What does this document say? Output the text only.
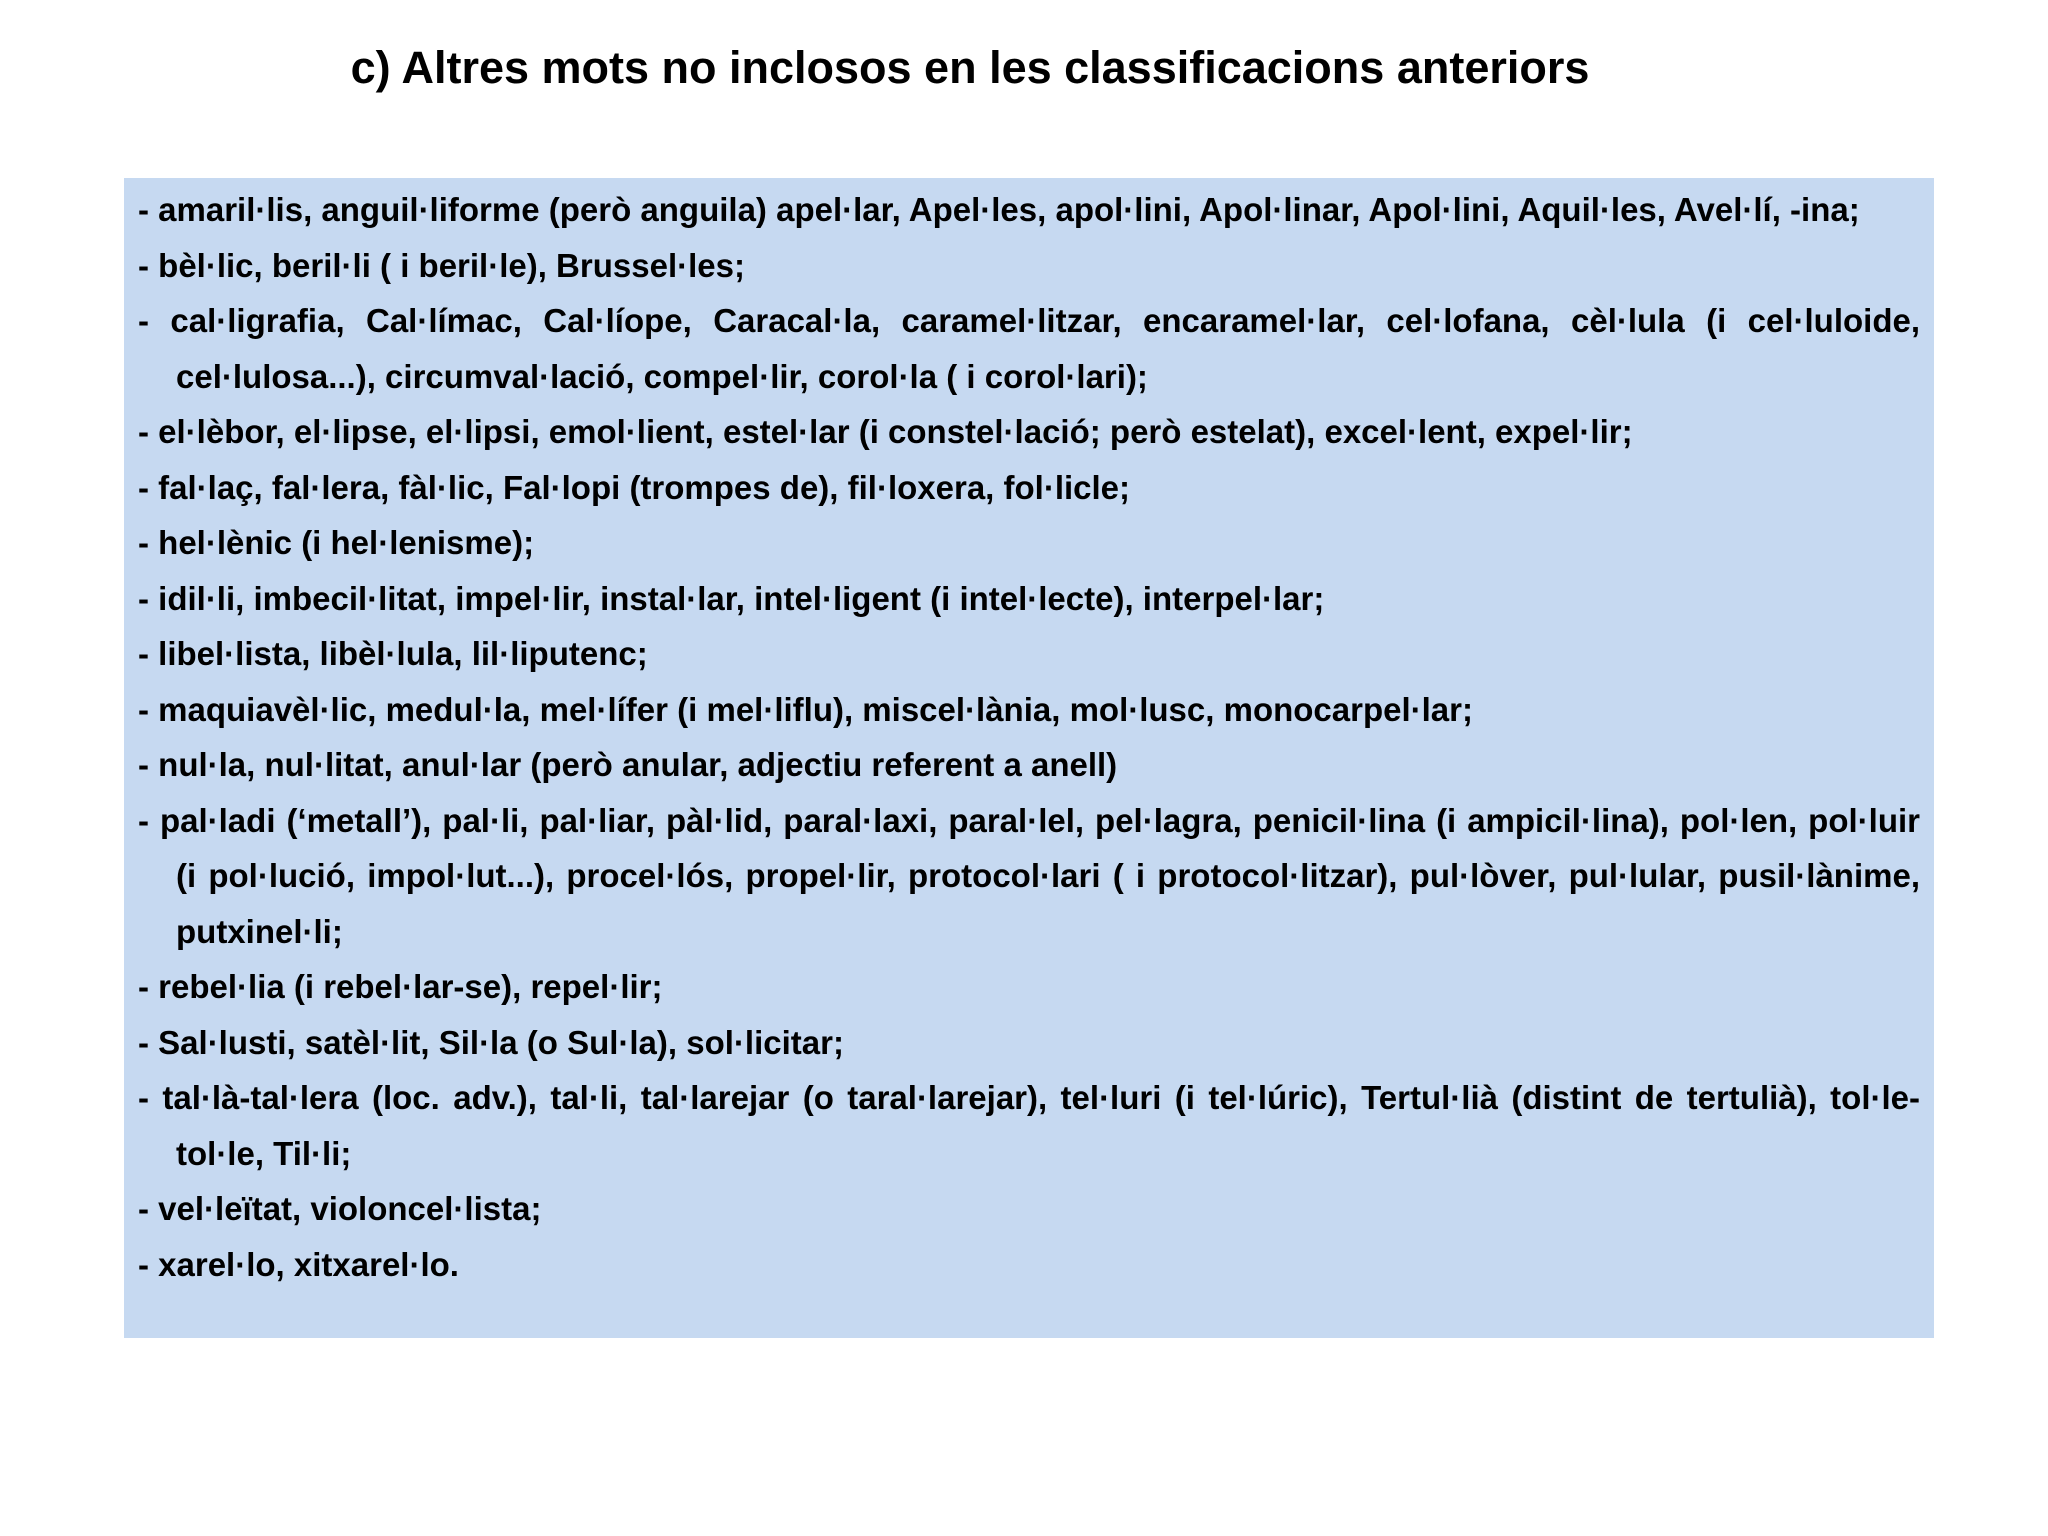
c) Altres mots no inclosos en les classificacions anteriors

- amaril·lis, anguil·liforme (però anguila) apel·lar, Apel·les, apol·lini, Apol·linar, Apol·lini, Aquil·les, Avel·lí, -ina;

- bèl·lic, beril·li ( i beril·le), Brussel·les;

- cal·ligrafia, Cal·límac, Cal·líope, Caracal·la, caramel·litzar, encaramel·lar, cel·lofana, cèl·lula (i cel·luloide, cel·lulosa...), circumval·lació, compel·lir, corol·la ( i corol·lari);

- el·lèbor, el·lipse, el·lipsi, emol·lient, estel·lar (i constel·lació; però estelat), excel·lent, expel·lir;

- fal·laç, fal·lera, fàl·lic, Fal·lopi (trompes de), fil·loxera, fol·licle;

- hel·lènic (i hel·lenisme);

- idil·li, imbecil·litat, impel·lir, instal·lar, intel·ligent (i intel·lecte), interpel·lar;

- libel·lista, libèl·lula, lil·liputenc;

- maquiavèl·lic, medul·la, mel·lífer (i mel·liflu), miscel·lània, mol·lusc, monocarpel·lar;

- nul·la, nul·litat, anul·lar (però anular, adjectiu referent a anell)

- pal·ladi (‘metall’), pal·li, pal·liar, pàl·lid, paral·laxi, paral·lel, pel·lagra, penicil·lina (i ampicil·lina), pol·len, pol·luir (i pol·lució, impol·lut...), procel·lós, propel·lir, protocol·lari ( i protocol·litzar), pul·lòver, pul·lular, pusil·lànime, putxinel·li;

- rebel·lia (i rebel·lar-se), repel·lir;

- Sal·lusti, satèl·lit, Sil·la (o Sul·la), sol·licitar;

- tal·là-tal·lera (loc. adv.), tal·li, tal·larejar (o taral·larejar), tel·luri (i tel·lúric), Tertul·lià (distint de tertulià), tol·le-tol·le, Til·li;

- vel·leïtat, violoncel·lista;

- xarel·lo, xitxarel·lo.
